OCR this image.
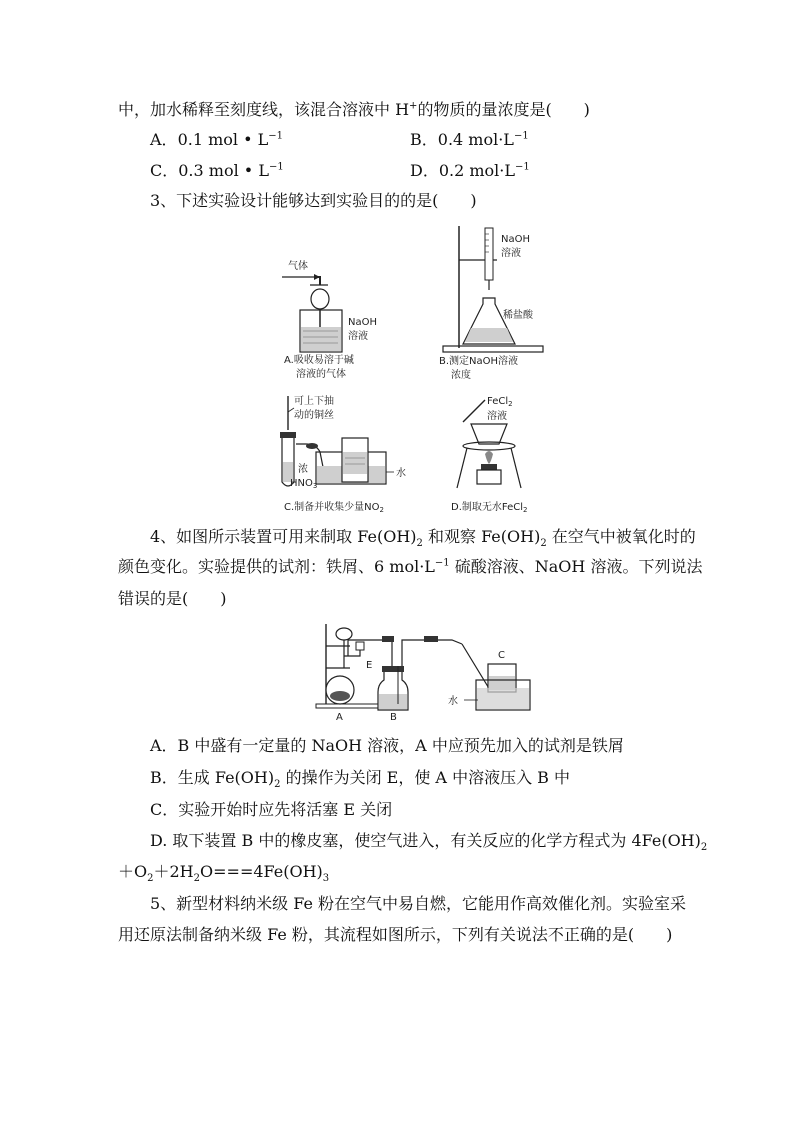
中，加水稀释至刻度线，该混合溶液中 H+的物质的量浓度是(　　)
A．0.1 mol • $L^{-1}$	B．0.4 $mol\cdot L^{-1}$
C．0.3 mol • $L^{-1}$	D．0.2 $mol\cdot L^{-1}$
3、下述实验设计能够达到实验目的的是(　　)
气体
NaOH
溶液
A.吸收易溶于碱
溶液的气体
NaOH
溶液
稀盐酸
B.测定NaOH溶液
浓度
可上下抽
动的铜丝
水
浓
$HNO_3$
C.制备并收集少量$NO_2$
FeCl$_2$
溶液
D.制取无水FeCl$_2$
4、如图所示装置可用来制取 $Fe(OH)_2$ 和观察 $Fe(OH)_2$ 在空气中被氧化时的
颜色变化。实验提供的试剂：铁屑、6 $mol\cdot L^{-1}$ 硫酸溶液、NaOH 溶液。下列说法
错误的是(　　)
E
C
水
A	B
A．B 中盛有一定量的 NaOH 溶液，A 中应预先加入的试剂是铁屑
B．生成 $Fe(OH)_2$ 的操作为关闭 E，使 A 中溶液压入 B 中
C．实验开始时应先将活塞 E 关闭
D. 取下装置 B 中的橡皮塞，使空气进入，有关反应的化学方程式为 $4Fe(OH)_2$
$+O_2+2H_2O===4Fe(OH)_3$
5、新型材料纳米级 Fe 粉在空气中易自燃，它能用作高效催化剂。实验室采
用还原法制备纳米级 Fe 粉，其流程如图所示，下列有关说法不正确的是(　　)
